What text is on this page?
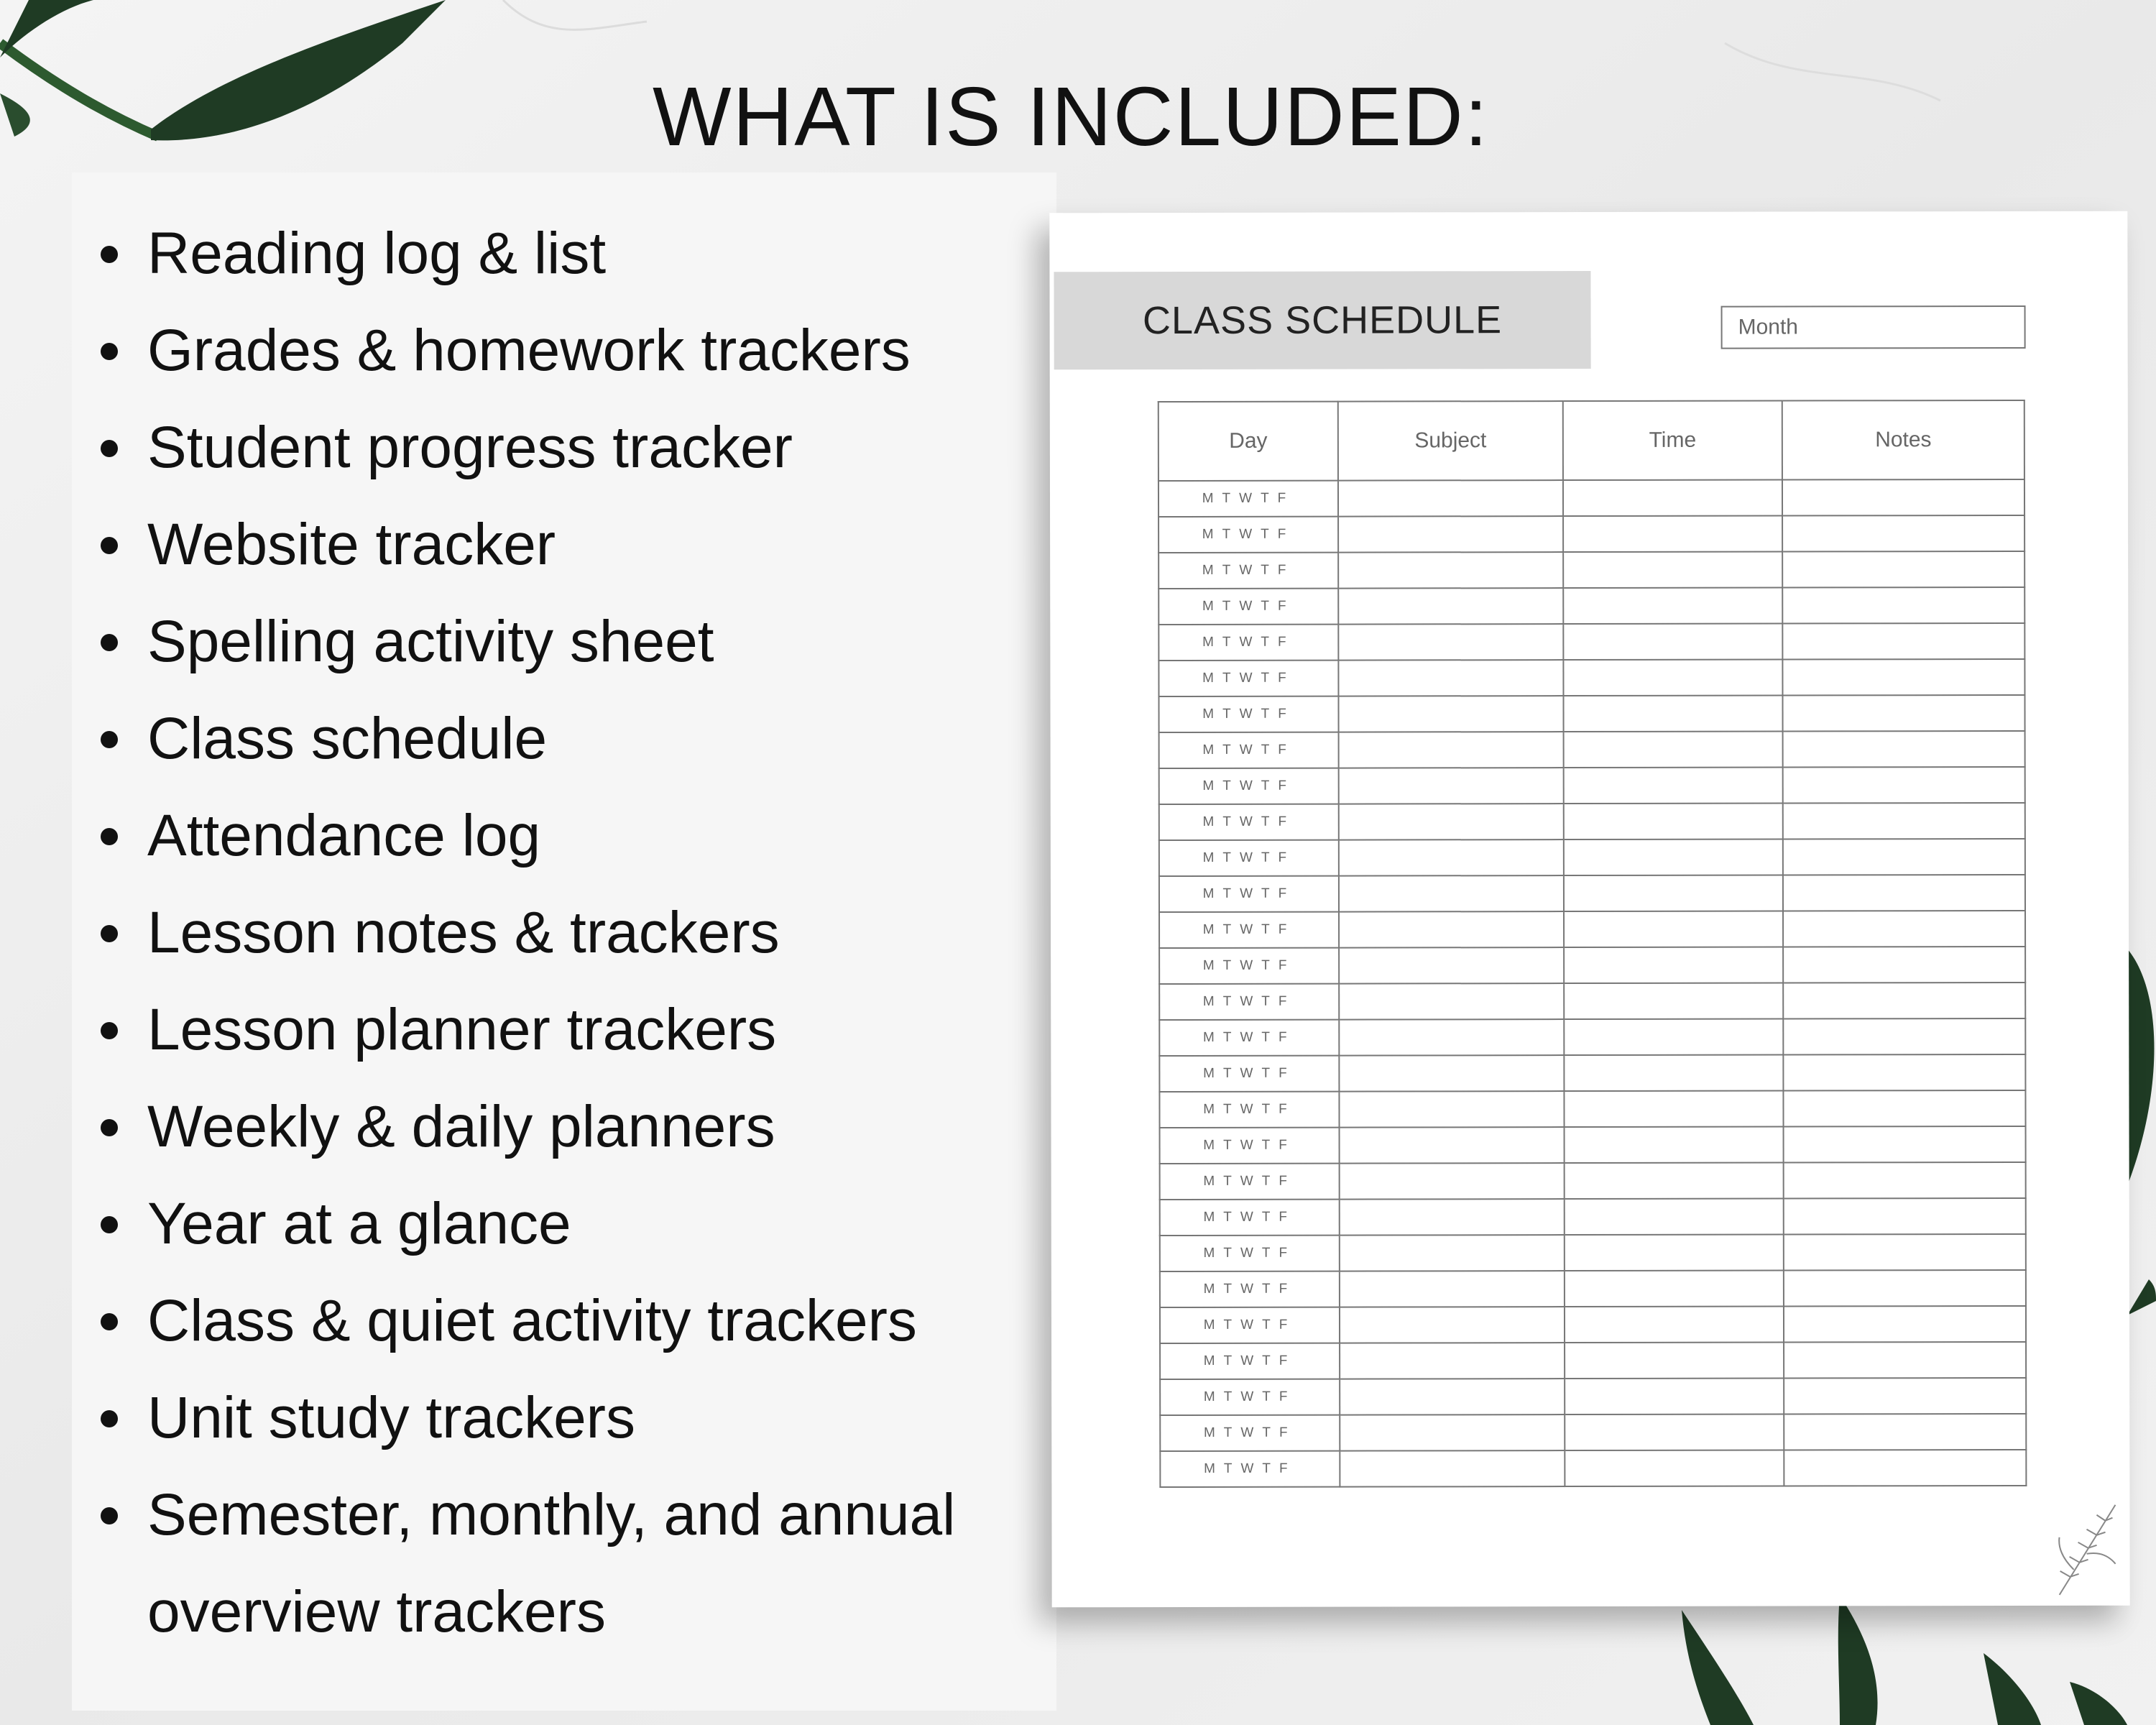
WHAT IS INCLUDED:
Reading log & list
Grades & homework trackers
Student progress tracker
Website tracker
Spelling activity sheet
Class schedule
Attendance log
Lesson notes & trackers
Lesson planner trackers
Weekly & daily planners
Year at a glance
Class & quiet activity trackers
Unit study trackers
Semester, monthly, and annual
overview trackers
CLASS SCHEDULE	Month
Day	Subject	Time	Notes
MTWTF			
MTWTF			
MTWTF			
MTWTF			
MTWTF			
MTWTF			
MTWTF			
MTWTF			
MTWTF			
MTWTF			
MTWTF			
MTWTF			
MTWTF			
MTWTF			
MTWTF			
MTWTF			
MTWTF			
MTWTF			
MTWTF			
MTWTF			
MTWTF			
MTWTF			
MTWTF			
MTWTF			
MTWTF			
MTWTF			
MTWTF			
MTWTF			
